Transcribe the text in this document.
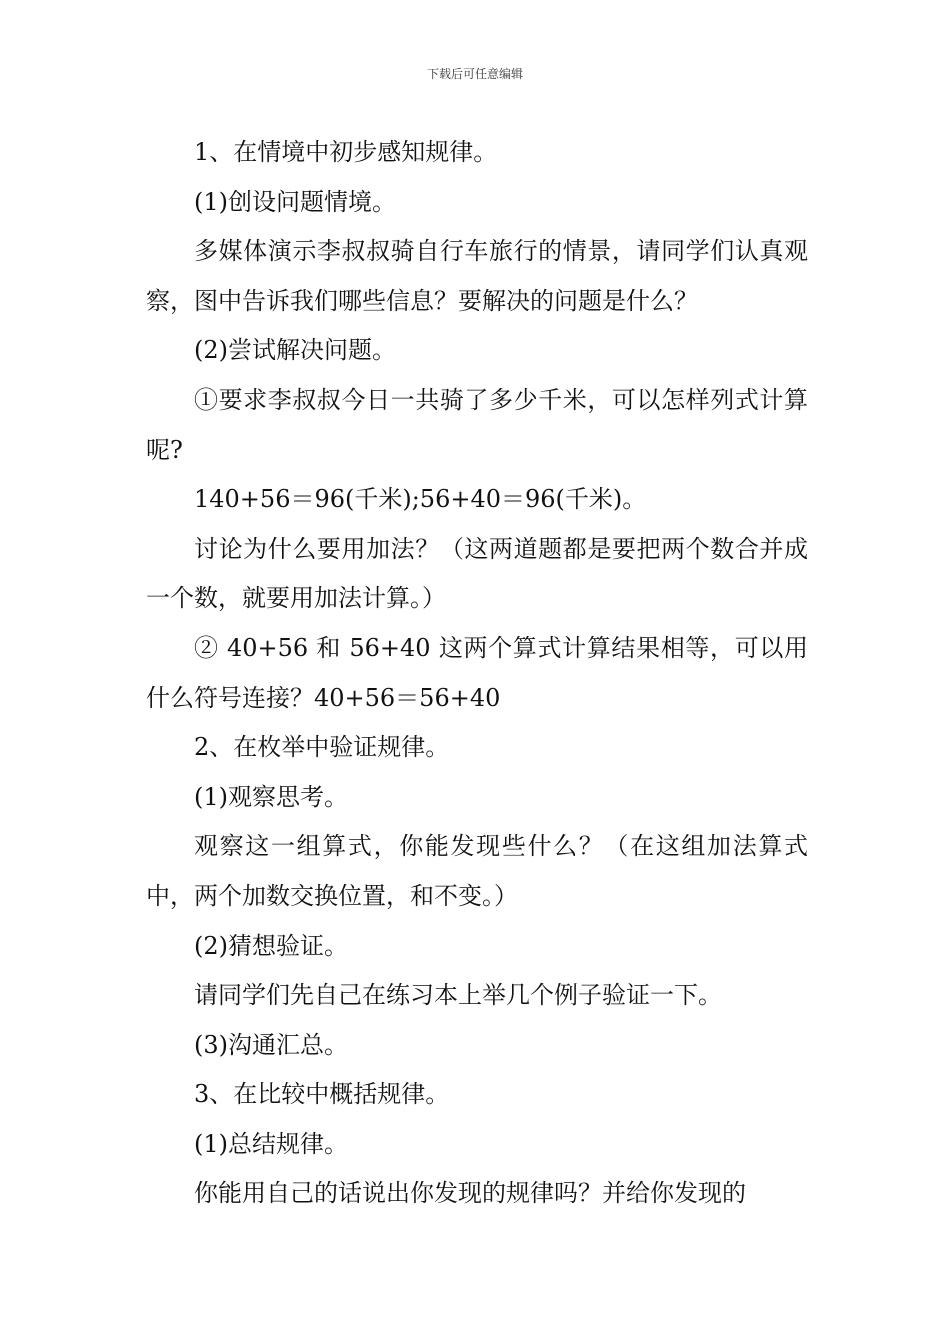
下载后可任意编辑

1、在情境中初步感知规律。

(1)创设问题情境。

多媒体演示李叔叔骑自行车旅行的情景，请同学们认真观察，图中告诉我们哪些信息？要解决的问题是什么？

(2)尝试解决问题。

①要求李叔叔今日一共骑了多少千米，可以怎样列式计算呢?

140+56＝96(千米);56+40＝96(千米)。

讨论为什么要用加法？（这两道题都是要把两个数合并成一个数，就要用加法计算。）

② 40+56 和 56+40 这两个算式计算结果相等，可以用什么符号连接？40+56＝56+40

2、在枚举中验证规律。

(1)观察思考。

观察这一组算式，你能发现些什么？（在这组加法算式中，两个加数交换位置，和不变。）

(2)猜想验证。

请同学们先自己在练习本上举几个例子验证一下。

(3)沟通汇总。

3、在比较中概括规律。

(1)总结规律。

你能用自己的话说出你发现的规律吗？并给你发现的
